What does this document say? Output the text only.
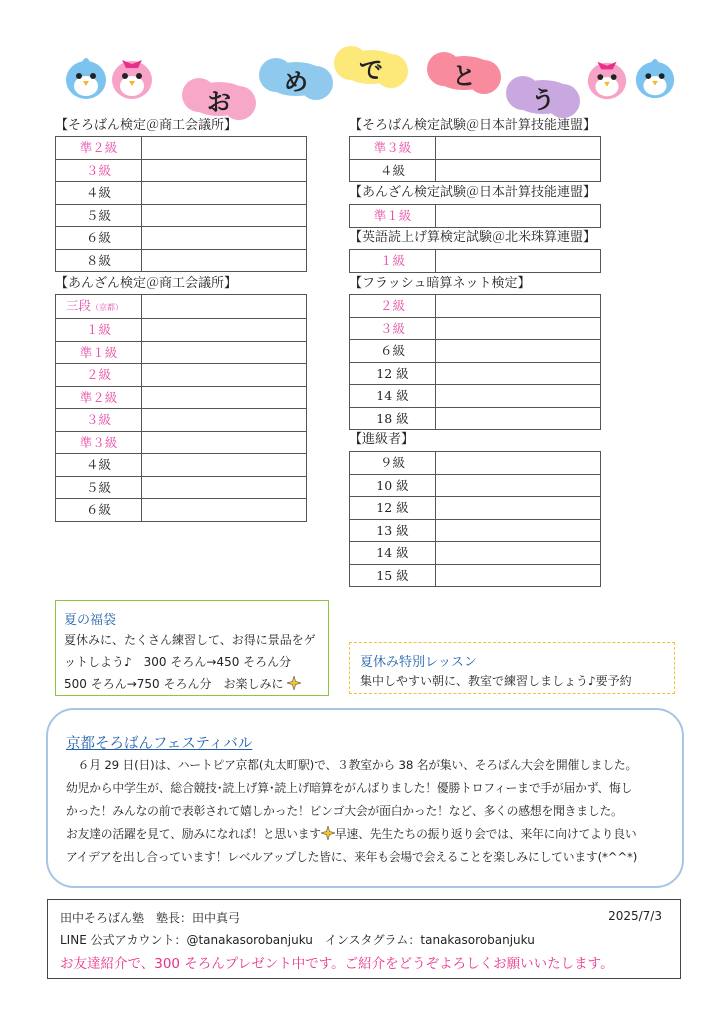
お
め で	と
う
【そろばん検定＠商工会議所】
準２級	
３級	
４級	
５級	
６級	
８級	
【あんざん検定＠商工会議所】
三段（京都）	
１級	
準１級	
２級	
準２級	
３級	
準３級	
４級	
５級	
６級	
【そろばん検定試験＠日本計算技能連盟】
準３級	
４級	
【あんざん検定試験＠日本計算技能連盟】
準１級	
【英語読上げ算検定試験＠北米珠算連盟】
１級	
【フラッシュ暗算ネット検定】
２級	
３級	
６級	
12 級	
14 級	
18 級	
【進級者】
９級	
10 級	
12 級	
13 級	
14 級	
15 級	
夏の福袋
夏休みに、たくさん練習して、お得に景品をゲ
ットしよう♪　300 そろん→450 そろん分
500 そろん→750 そろん分　お楽しみに
夏休み特別レッスン
集中しやすい朝に、教室で練習しましょう♪要予約
京都そろばんフェスティバル
　６月 29 日(日)は、ハートピア京都(丸太町駅)で、３教室から 38 名が集い、そろばん大会を開催しました。
幼児から中学生が、総合競技･読上げ算･読上げ暗算をがんばりました！優勝トロフィーまで手が届かず、悔し
かった！みんなの前で表彰されて嬉しかった！ビンゴ大会が面白かった！など、多くの感想を聞きました。
お友達の活躍を見て、励みになれば！と思います 早速、先生たちの振り返り会では、来年に向けてより良い
アイデアを出し合っています！レベルアップした皆に、来年も会場で会えることを楽しみにしています(*^^*)
田中そろばん塾　塾長：田中真弓	2025/7/3
LINE 公式アカウント：@tanakasorobanjuku　インスタグラム：tanakasorobanjuku
お友達紹介で、300 そろんプレゼント中です。ご紹介をどうぞよろしくお願いいたします。
